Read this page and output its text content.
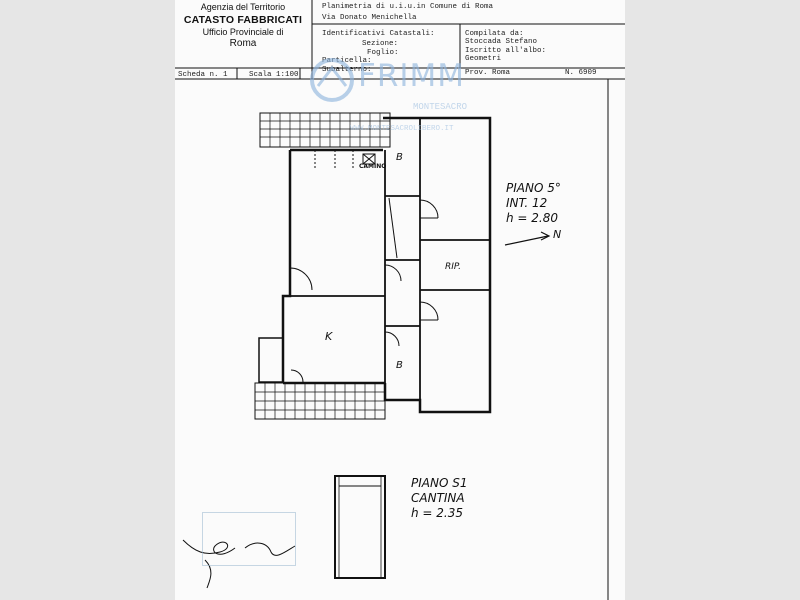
Agenzia del Territorio
CATASTO FABBRICATI
Ufficio Provinciale di
Roma
Planimetria di u.i.u.in Comune di Roma
Via Donato Menichella
Identificativi Catastali:
Sezione:
Foglio:
Particella:
Subalterno:
Compilata da:
Stoccada Stefano
Iscritto all'albo:
Geometri
Prov. Roma	N. 6909
Scheda n. 1	Scala 1:100 FRIMM
MONTESACRO
WWW.MONTESACROLIBERO.IT
B
CAMINO
RIP.
K
B
PIANO 5°
INT. 12
h = 2.80
N
PIANO S1
CANTINA
h = 2.35
